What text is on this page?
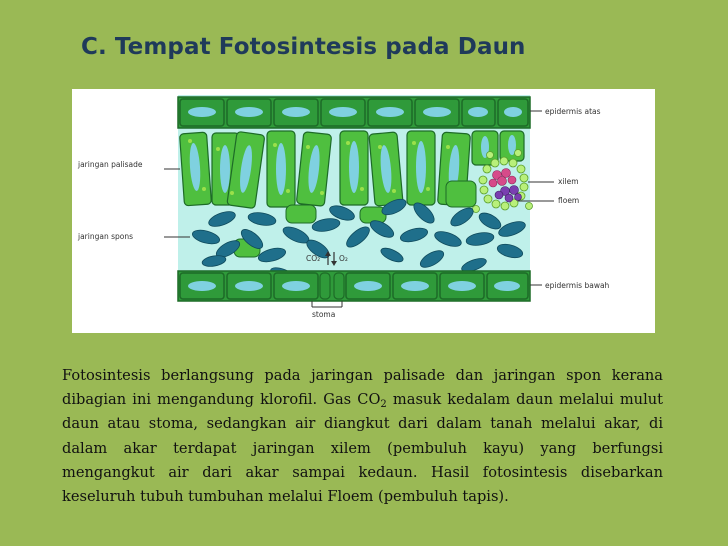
C. Tempat Fotosintesis pada Daun
CO₂	O₂
epidermis atas
jaringan palisade
jaringan spons
xilem
floem
epidermis bawah
stoma

Fotosintesis berlangsung pada jaringan palisade dan jaringan spon kerana dibagian ini mengandung klorofil. Gas $CO_2$ masuk kedalam daun melalui mulut daun atau stoma, sedangkan air diangkut dari dalam tanah melalui akar, di dalam akar terdapat jaringan xilem (pembuluh kayu) yang berfungsi mengangkut air dari akar sampai kedaun. Hasil fotosintesis disebarkan keseluruh tubuh tumbuhan melalui Floem (pembuluh tapis).
